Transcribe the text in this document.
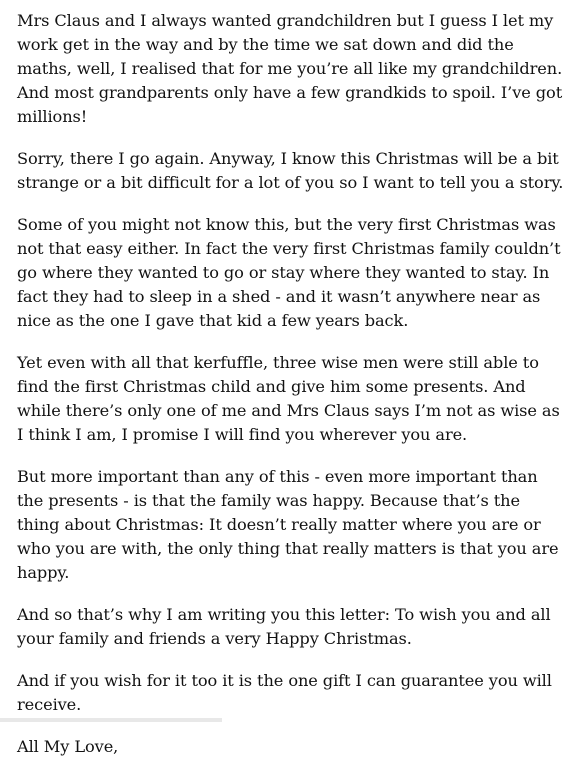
Mrs Claus and I always wanted grandchildren but I guess I let my work get in the way and by the time we sat down and did the maths, well, I realised that for me you’re all like my grandchildren. And most grandparents only have a few grandkids to spoil. I’ve got millions!

Sorry, there I go again. Anyway, I know this Christmas will be a bit strange or a bit difficult for a lot of you so I want to tell you a story.

Some of you might not know this, but the very first Christmas was not that easy either. In fact the very first Christmas family couldn’t go where they wanted to go or stay where they wanted to stay. In fact they had to sleep in a shed - and it wasn’t anywhere near as nice as the one I gave that kid a few years back.

Yet even with all that kerfuffle, three wise men were still able to find the first Christmas child and give him some presents. And while there’s only one of me and Mrs Claus says I’m not as wise as I think I am, I promise I will find you wherever you are.

But more important than any of this - even more important than the presents - is that the family was happy. Because that’s the thing about Christmas: It doesn’t really matter where you are or who you are with, the only thing that really matters is that you are happy.

And so that’s why I am writing you this letter: To wish you and all your family and friends a very Happy Christmas.

And if you wish for it too it is the one gift I can guarantee you will receive.

All My Love,
